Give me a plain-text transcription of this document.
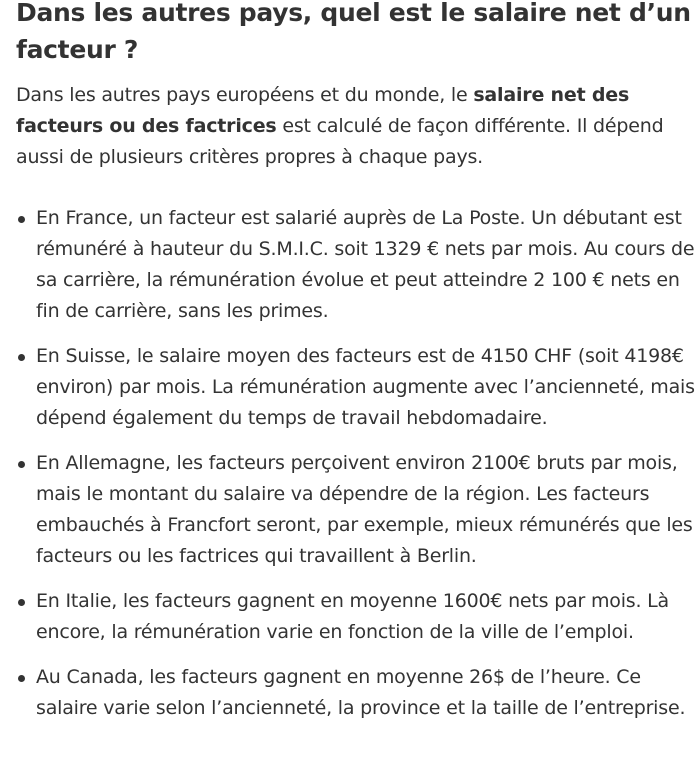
Dans les autres pays, quel est le salaire net d’un facteur ?

Dans les autres pays européens et du monde, le salaire net des facteurs ou des factrices est calculé de façon différente. Il dépend aussi de plusieurs critères propres à chaque pays.

En France, un facteur est salarié auprès de La Poste. Un débutant est rémunéré à hauteur du S.M.I.C. soit 1329 € nets par mois. Au cours de sa carrière, la rémunération évolue et peut atteindre 2 100 € nets en fin de carrière, sans les primes.
En Suisse, le salaire moyen des facteurs est de 4150 CHF (soit 4198€ environ) par mois. La rémunération augmente avec l’ancienneté, mais dépend également du temps de travail hebdomadaire.
En Allemagne, les facteurs perçoivent environ 2100€ bruts par mois, mais le montant du salaire va dépendre de la région. Les facteurs embauchés à Francfort seront, par exemple, mieux rémunérés que les facteurs ou les factrices qui travaillent à Berlin.
En Italie, les facteurs gagnent en moyenne 1600€ nets par mois. Là encore, la rémunération varie en fonction de la ville de l’emploi.
Au Canada, les facteurs gagnent en moyenne 26$ de l’heure. Ce salaire varie selon l’ancienneté, la province et la taille de l’entreprise.
